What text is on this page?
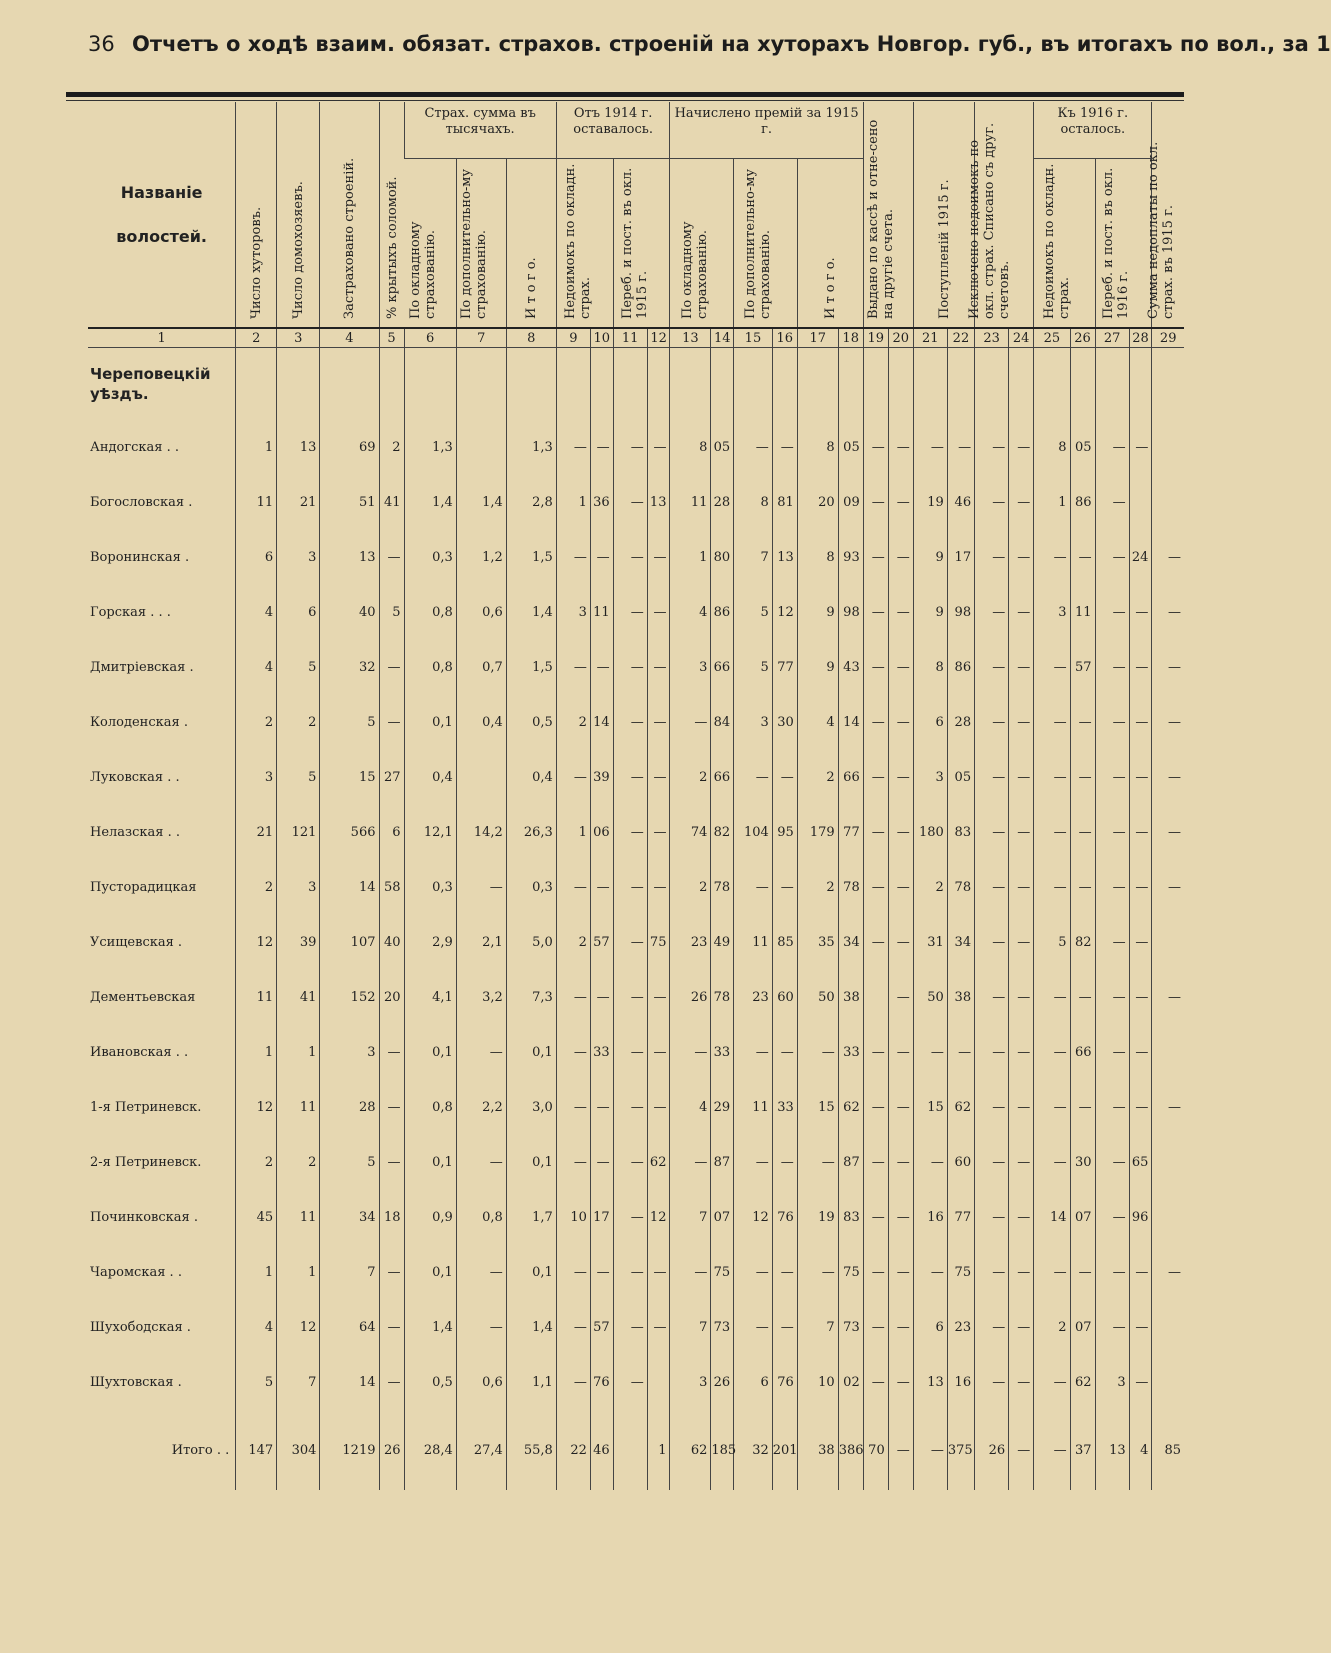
36 Отчетъ о ходѣ взаим. обязат. страхов. строеній на хуторахъ Новгор. губ., въ итогахъ по вол., за 1
Названіе волостей.	Число хуторовъ.	Число домохозяевъ.	Застраховано строеній.	% крытыхъ соломой.	Страх. сумма въ тысячахъ.			Отъ 1914 г. оставалось.				Начислено премій за 1915 г.						Выдано по кассѣ и отне-сено на другіе счета.		Поступленій 1915 г.		Исключено недоимокъ по окл. страх. Списано съ друг. счетовъ.		Къ 1916 г. осталось.				Сумма недоплаты по окл. страх. въ 1915 г.

					По окладному страхованію.	По дополнительно-му страхованію.	И т о г о.	Недоимокъ по окладн. страх.		Переб. и пост. въ окл. 1915 г.		По окладному страхованію.		По дополнительно-му страхованію.		И т о г о.								Недоимокъ по окладн. страх.		Переб. и пост. въ окл. 1916 г.		

1	2	3	4	5	6	7	8	9	10	11	12	13	14	15	16	17	18	19	20	21	22	23	24	25	26	27	28	29
Череповецкій уѣздъ.																												
Андогская . .	1	13	69	2	1,3		1,3	—	—	—	—	8	05	—	—	8	05	—	—	—	—	—	—	8	05	—	—	
Богословская .	11	21	51	41	1,4	1,4	2,8	1	36	—	13	11	28	8	81	20	09	—	—	19	46	—	—	1	86	—		
Воронинская .	6	3	13	—	0,3	1,2	1,5	—	—	—	—	1	80	7	13	8	93	—	—	9	17	—	—	—	—	—	24	—
Горская . . .	4	6	40	5	0,8	0,6	1,4	3	11	—	—	4	86	5	12	9	98	—	—	9	98	—	—	3	11	—	—	—
Дмитріевская .	4	5	32	—	0,8	0,7	1,5	—	—	—	—	3	66	5	77	9	43	—	—	8	86	—	—	—	57	—	—	—
Колоденская .	2	2	5	—	0,1	0,4	0,5	2	14	—	—	—	84	3	30	4	14	—	—	6	28	—	—	—	—	—	—	—
Луковская . .	3	5	15	27	0,4		0,4	—	39	—	—	2	66	—	—	2	66	—	—	3	05	—	—	—	—	—	—	—
Нелазская . .	21	121	566	6	12,1	14,2	26,3	1	06	—	—	74	82	104	95	179	77	—	—	180	83	—	—	—	—	—	—	—
Пусторадицкая	2	3	14	58	0,3	—	0,3	—	—	—	—	2	78	—	—	2	78	—	—	2	78	—	—	—	—	—	—	—
Усищевская .	12	39	107	40	2,9	2,1	5,0	2	57	—	75	23	49	11	85	35	34	—	—	31	34	—	—	5	82	—	—	
Дементьевская	11	41	152	20	4,1	3,2	7,3	—	—	—	—	26	78	23	60	50	38		—	50	38	—	—	—	—	—	—	—
Ивановская . .	1	1	3	—	0,1	—	0,1	—	33	—	—	—	33	—	—	—	33	—	—	—	—	—	—	—	66	—	—	
1-я Петриневск.	12	11	28	—	0,8	2,2	3,0	—	—	—	—	4	29	11	33	15	62	—	—	15	62	—	—	—	—	—	—	—
2-я Петриневск.	2	2	5	—	0,1	—	0,1	—	—	—	62	—	87	—	—	—	87	—	—	—	60	—	—	—	30	—	65	
Починковская .	45	11	34	18	0,9	0,8	1,7	10	17	—	12	7	07	12	76	19	83	—	—	16	77	—	—	14	07	—	96	
Чаромская . .	1	1	7	—	0,1	—	0,1	—	—	—	—	—	75	—	—	—	75	—	—	—	75	—	—	—	—	—	—	—
Шухободская .	4	12	64	—	1,4	—	1,4	—	57	—	—	7	73	—	—	7	73	—	—	6	23	—	—	2	07	—	—	
Шухтовская .	5	7	14	—	0,5	0,6	1,1	—	76	—		3	26	6	76	10	02	—	—	13	16	—	—	—	62	3	—	
Итого . .	147	304	1219	26	28,4	27,4	55,8	22	46		1	62	185	32	201	38	386	70	—	—	375	26	—	—	37	13	4	85
